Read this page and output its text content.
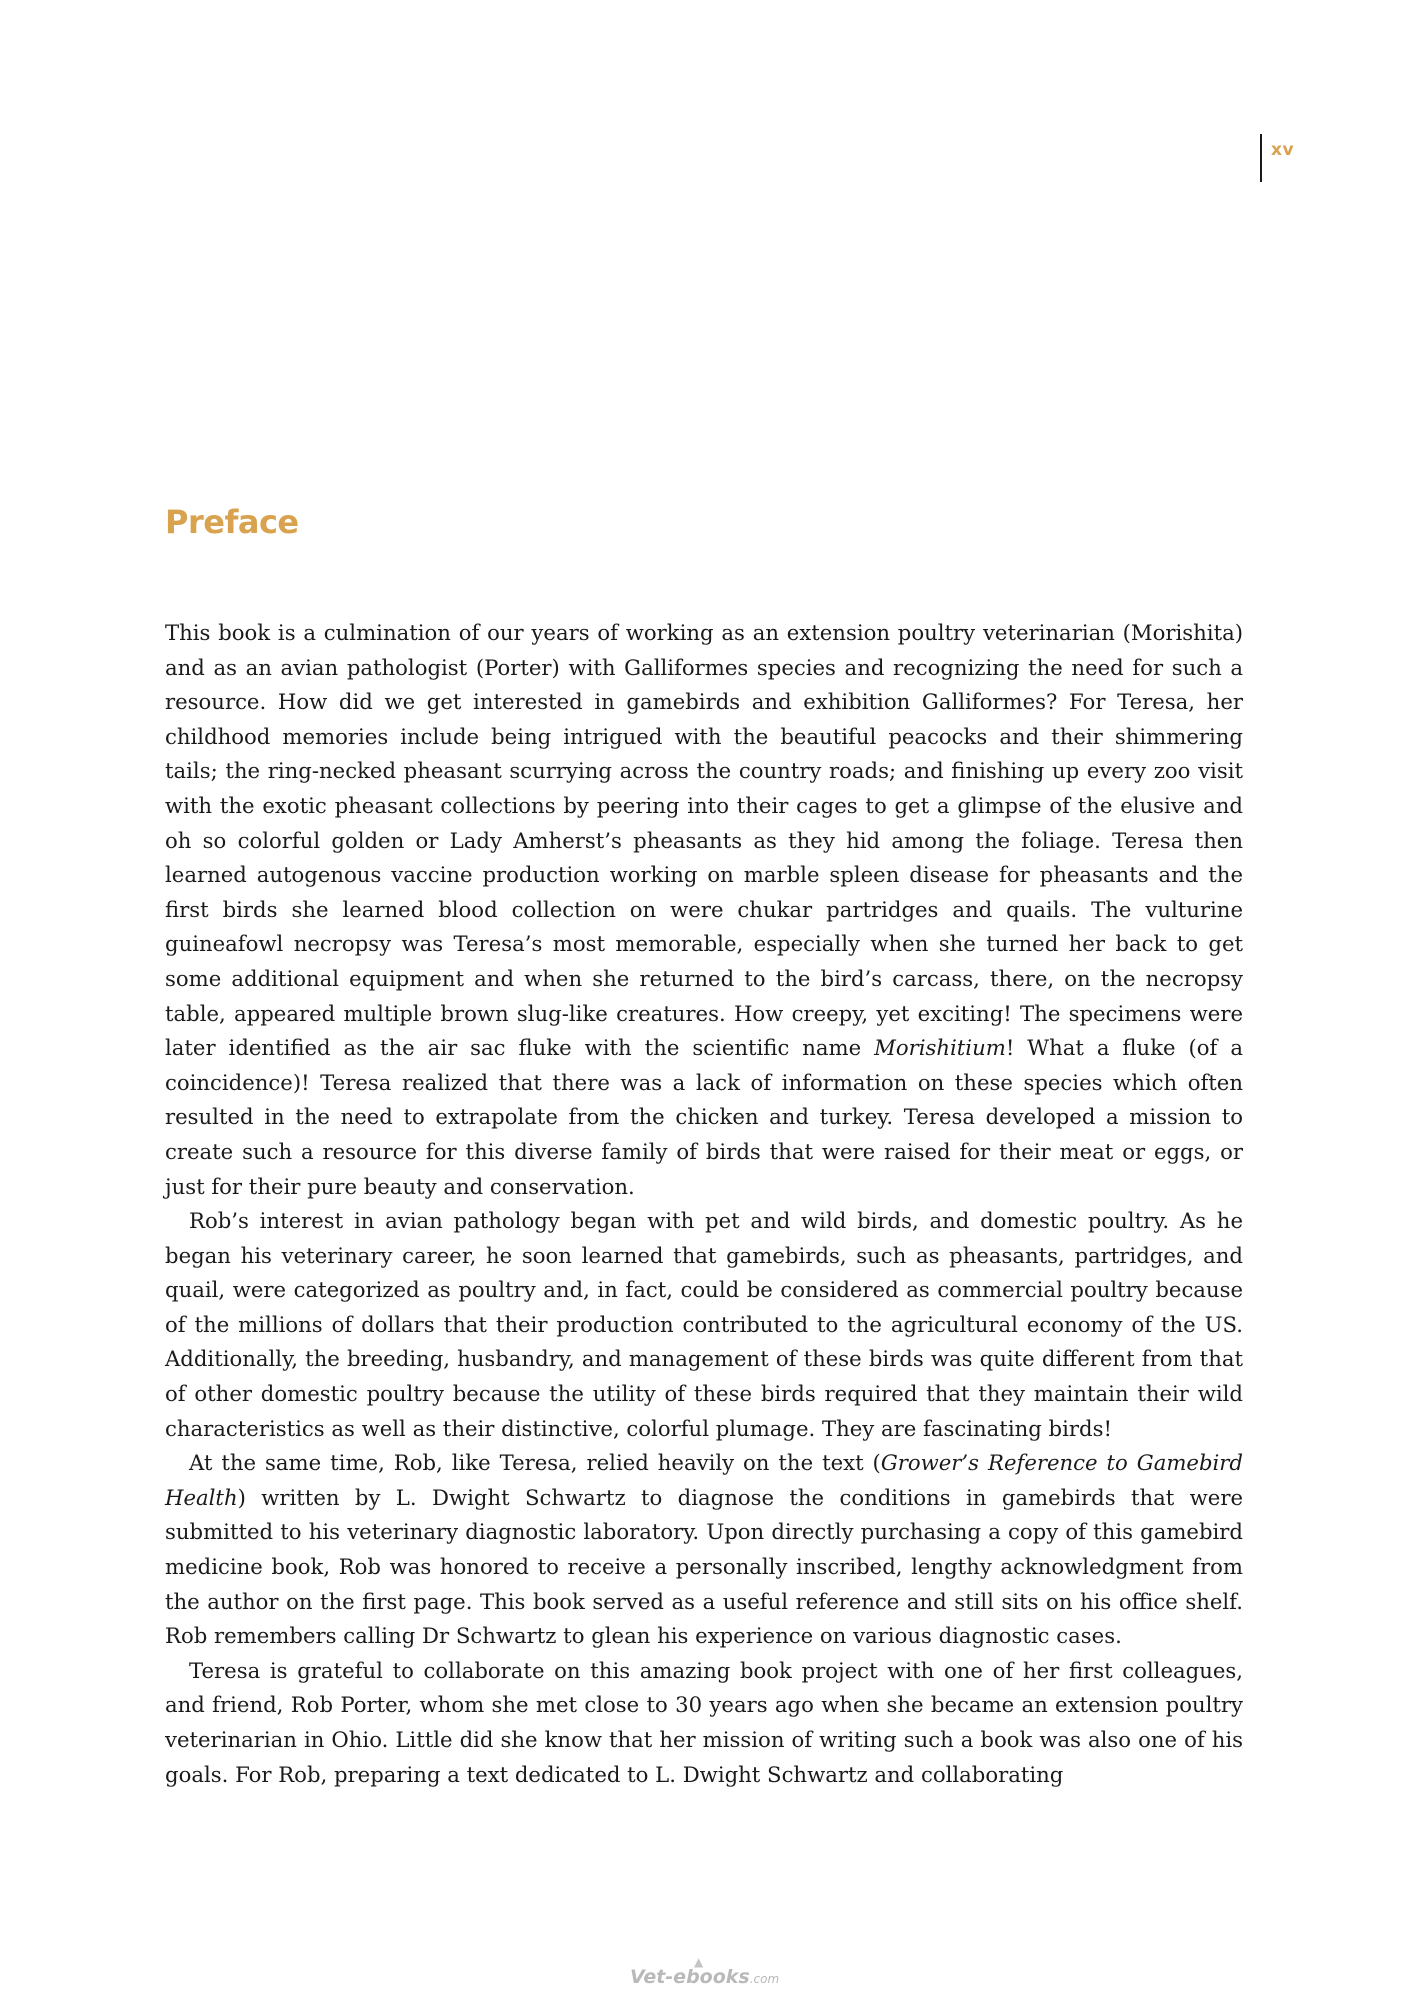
xv
Preface

This book is a culmination of our years of working as an extension poultry veterinarian (Morishita) and as an avian pathologist (Porter) with Galliformes species and recognizing the need for such a resource. How did we get interested in gamebirds and exhibition Galliformes? For Teresa, her childhood memories include being intrigued with the beautiful peacocks and their shimmering tails; the ring-necked pheasant scurrying across the country roads; and finishing up every zoo visit with the exotic pheasant collections by peering into their cages to get a glimpse of the elusive and oh so colorful golden or Lady Amherst’s pheasants as they hid among the foliage. Teresa then learned autogenous vaccine production working on marble spleen disease for pheasants and the first birds she learned blood collection on were chukar partridges and quails. The vulturine guineafowl necropsy was Teresa’s most memorable, especially when she turned her back to get some additional equipment and when she returned to the bird’s carcass, there, on the necropsy table, appeared multiple brown slug-like creatures. How creepy, yet exciting! The specimens were later identified as the air sac fluke with the scientific name Morishitium! What a fluke (of a coincidence)! Teresa realized that there was a lack of information on these species which often resulted in the need to extrapolate from the chicken and turkey. Teresa developed a mission to create such a resource for this diverse family of birds that were raised for their meat or eggs, or just for their pure beauty and conservation.

Rob’s interest in avian pathology began with pet and wild birds, and domestic poultry. As he began his veterinary career, he soon learned that gamebirds, such as pheasants, partridges, and quail, were categorized as poultry and, in fact, could be considered as commercial poultry because of the millions of dollars that their production contributed to the agricultural economy of the US. Additionally, the breeding, husbandry, and management of these birds was quite different from that of other domestic poultry because the utility of these birds required that they maintain their wild characteristics as well as their distinctive, colorful plumage. They are fascinating birds!

At the same time, Rob, like Teresa, relied heavily on the text (Grower’s Reference to Gamebird Health) written by L. Dwight Schwartz to diagnose the conditions in gamebirds that were submitted to his veterinary diagnostic laboratory. Upon directly purchasing a copy of this gamebird medicine book, Rob was honored to receive a personally inscribed, lengthy acknowledgment from the author on the first page. This book served as a useful reference and still sits on his office shelf. Rob remembers calling Dr Schwartz to glean his experience on various diagnostic cases.

Teresa is grateful to collaborate on this amazing book project with one of her first colleagues, and friend, Rob Porter, whom she met close to 30 years ago when she became an extension poultry veterinarian in Ohio. Little did she know that her mission of writing such a book was also one of his goals. For Rob, preparing a text dedicated to L. Dwight Schwartz and collaborating

▲
Vet-ebooks.com
